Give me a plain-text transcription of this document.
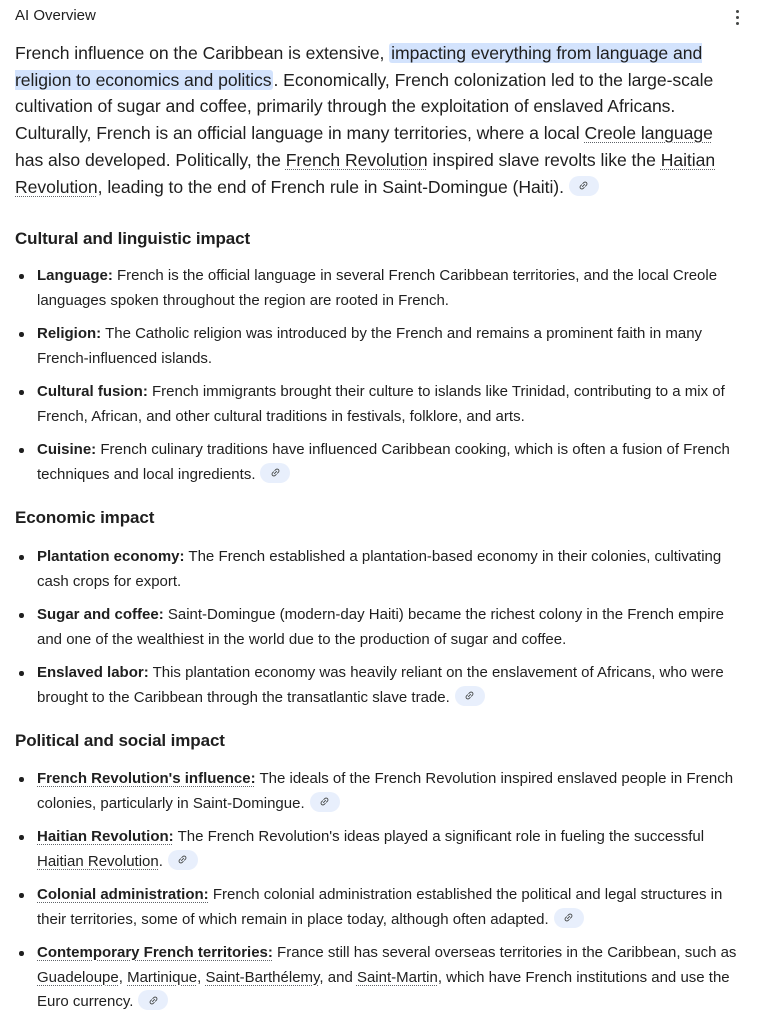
AI Overview

French influence on the Caribbean is extensive, impacting everything from language and religion to economics and politics . Economically, French colonization led to the large-scale cultivation of sugar and coffee, primarily through the exploitation of enslaved Africans. Culturally, French is an official language in many territories, where a local Creole language has also developed. Politically, the French Revolution inspired slave revolts like the Haitian Revolution, leading to the end of French rule in Saint-Domingue (Haiti).

Cultural and linguistic impact
Language: French is the official language in several French Caribbean territories, and the local Creole languages spoken throughout the region are rooted in French.
Religion: The Catholic religion was introduced by the French and remains a prominent faith in many French-influenced islands.
Cultural fusion: French immigrants brought their culture to islands like Trinidad, contributing to a mix of French, African, and other cultural traditions in festivals, folklore, and arts.
Cuisine: French culinary traditions have influenced Caribbean cooking, which is often a fusion of French techniques and local ingredients.
Economic impact
Plantation economy: The French established a plantation-based economy in their colonies, cultivating cash crops for export.
Sugar and coffee: Saint-Domingue (modern-day Haiti) became the richest colony in the French empire and one of the wealthiest in the world due to the production of sugar and coffee.
Enslaved labor: This plantation economy was heavily reliant on the enslavement of Africans, who were brought to the Caribbean through the transatlantic slave trade.
Political and social impact
French Revolution's influence: The ideals of the French Revolution inspired enslaved people in French colonies, particularly in Saint-Domingue.
Haitian Revolution: The French Revolution's ideas played a significant role in fueling the successful Haitian Revolution.
Colonial administration: French colonial administration established the political and legal structures in their territories, some of which remain in place today, although often adapted.
Contemporary French territories: France still has several overseas territories in the Caribbean, such as Guadeloupe, Martinique, Saint-Barthélemy, and Saint-Martin, which have French institutions and use the Euro currency.
